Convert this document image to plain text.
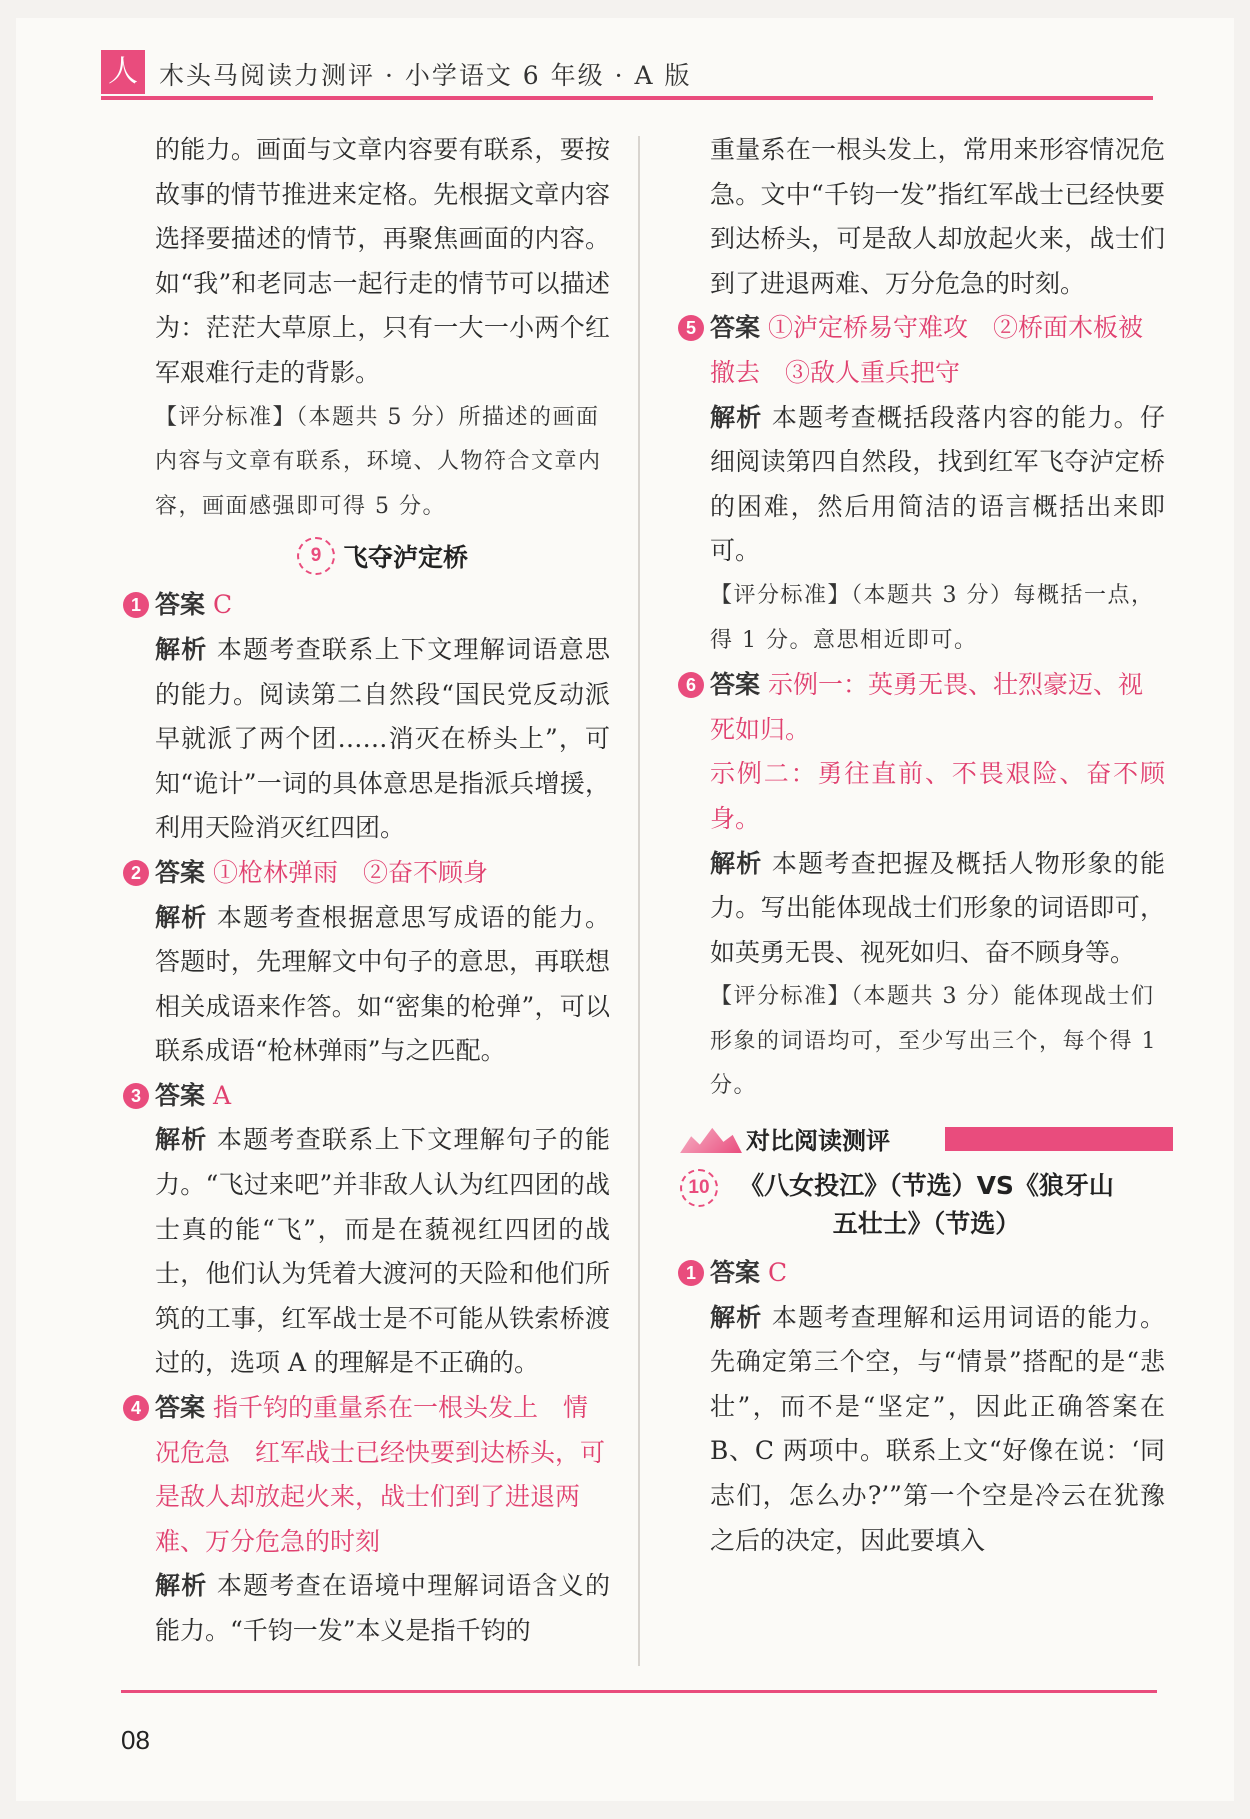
人 木头马阅读力测评 · 小学语文 6 年级 · A 版

的能力。画面与文章内容要有联系，要按故事的情节推进来定格。先根据文章内容选择要描述的情节，再聚焦画面的内容。如“我”和老同志一起行走的情节可以描述为：茫茫大草原上，只有一大一小两个红军艰难行走的背影。

【评分标准】（本题共 5 分）所描述的画面内容与文章有联系，环境、人物符合文章内容，画面感强即可得 5 分。

9 飞夺泸定桥

1 答案 C

解析 本题考查联系上下文理解词语意思的能力。阅读第二自然段“国民党反动派早就派了两个团……消灭在桥头上”，可知“诡计”一词的具体意思是指派兵增援，利用天险消灭红四团。

2 答案 ①枪林弹雨　②奋不顾身

解析 本题考查根据意思写成语的能力。答题时，先理解文中句子的意思，再联想相关成语来作答。如“密集的枪弹”，可以联系成语“枪林弹雨”与之匹配。

3 答案 A

解析 本题考查联系上下文理解句子的能力。“飞过来吧”并非敌人认为红四团的战士真的能“飞”，而是在藐视红四团的战士，他们认为凭着大渡河的天险和他们所筑的工事，红军战士是不可能从铁索桥渡过的，选项 A 的理解是不正确的。

4 答案 指千钧的重量系在一根头发上　情况危急　红军战士已经快要到达桥头，可是敌人却放起火来，战士们到了进退两难、万分危急的时刻

解析 本题考查在语境中理解词语含义的能力。“千钧一发”本义是指千钧的

重量系在一根头发上，常用来形容情况危急。文中“千钧一发”指红军战士已经快要到达桥头，可是敌人却放起火来，战士们到了进退两难、万分危急的时刻。

5 答案 ①泸定桥易守难攻　②桥面木板被撤去　③敌人重兵把守

解析 本题考查概括段落内容的能力。仔细阅读第四自然段，找到红军飞夺泸定桥的困难，然后用简洁的语言概括出来即可。

【评分标准】（本题共 3 分）每概括一点，得 1 分。意思相近即可。

6 答案 示例一：英勇无畏、壮烈豪迈、视死如归。

示例二：勇往直前、不畏艰险、奋不顾身。

解析 本题考查把握及概括人物形象的能力。写出能体现战士们形象的词语即可，如英勇无畏、视死如归、奋不顾身等。

【评分标准】（本题共 3 分）能体现战士们形象的词语均可，至少写出三个，每个得 1 分。

对比阅读测评
10	《八女投江》（节选）VS《狼牙山
五壮士》（节选）

1 答案 C

解析 本题考查理解和运用词语的能力。先确定第三个空，与“情景”搭配的是“悲壮”，而不是“坚定”，因此正确答案在 B、C 两项中。联系上文“好像在说：‘同志们，怎么办?’”第一个空是冷云在犹豫之后的决定，因此要填入

08
